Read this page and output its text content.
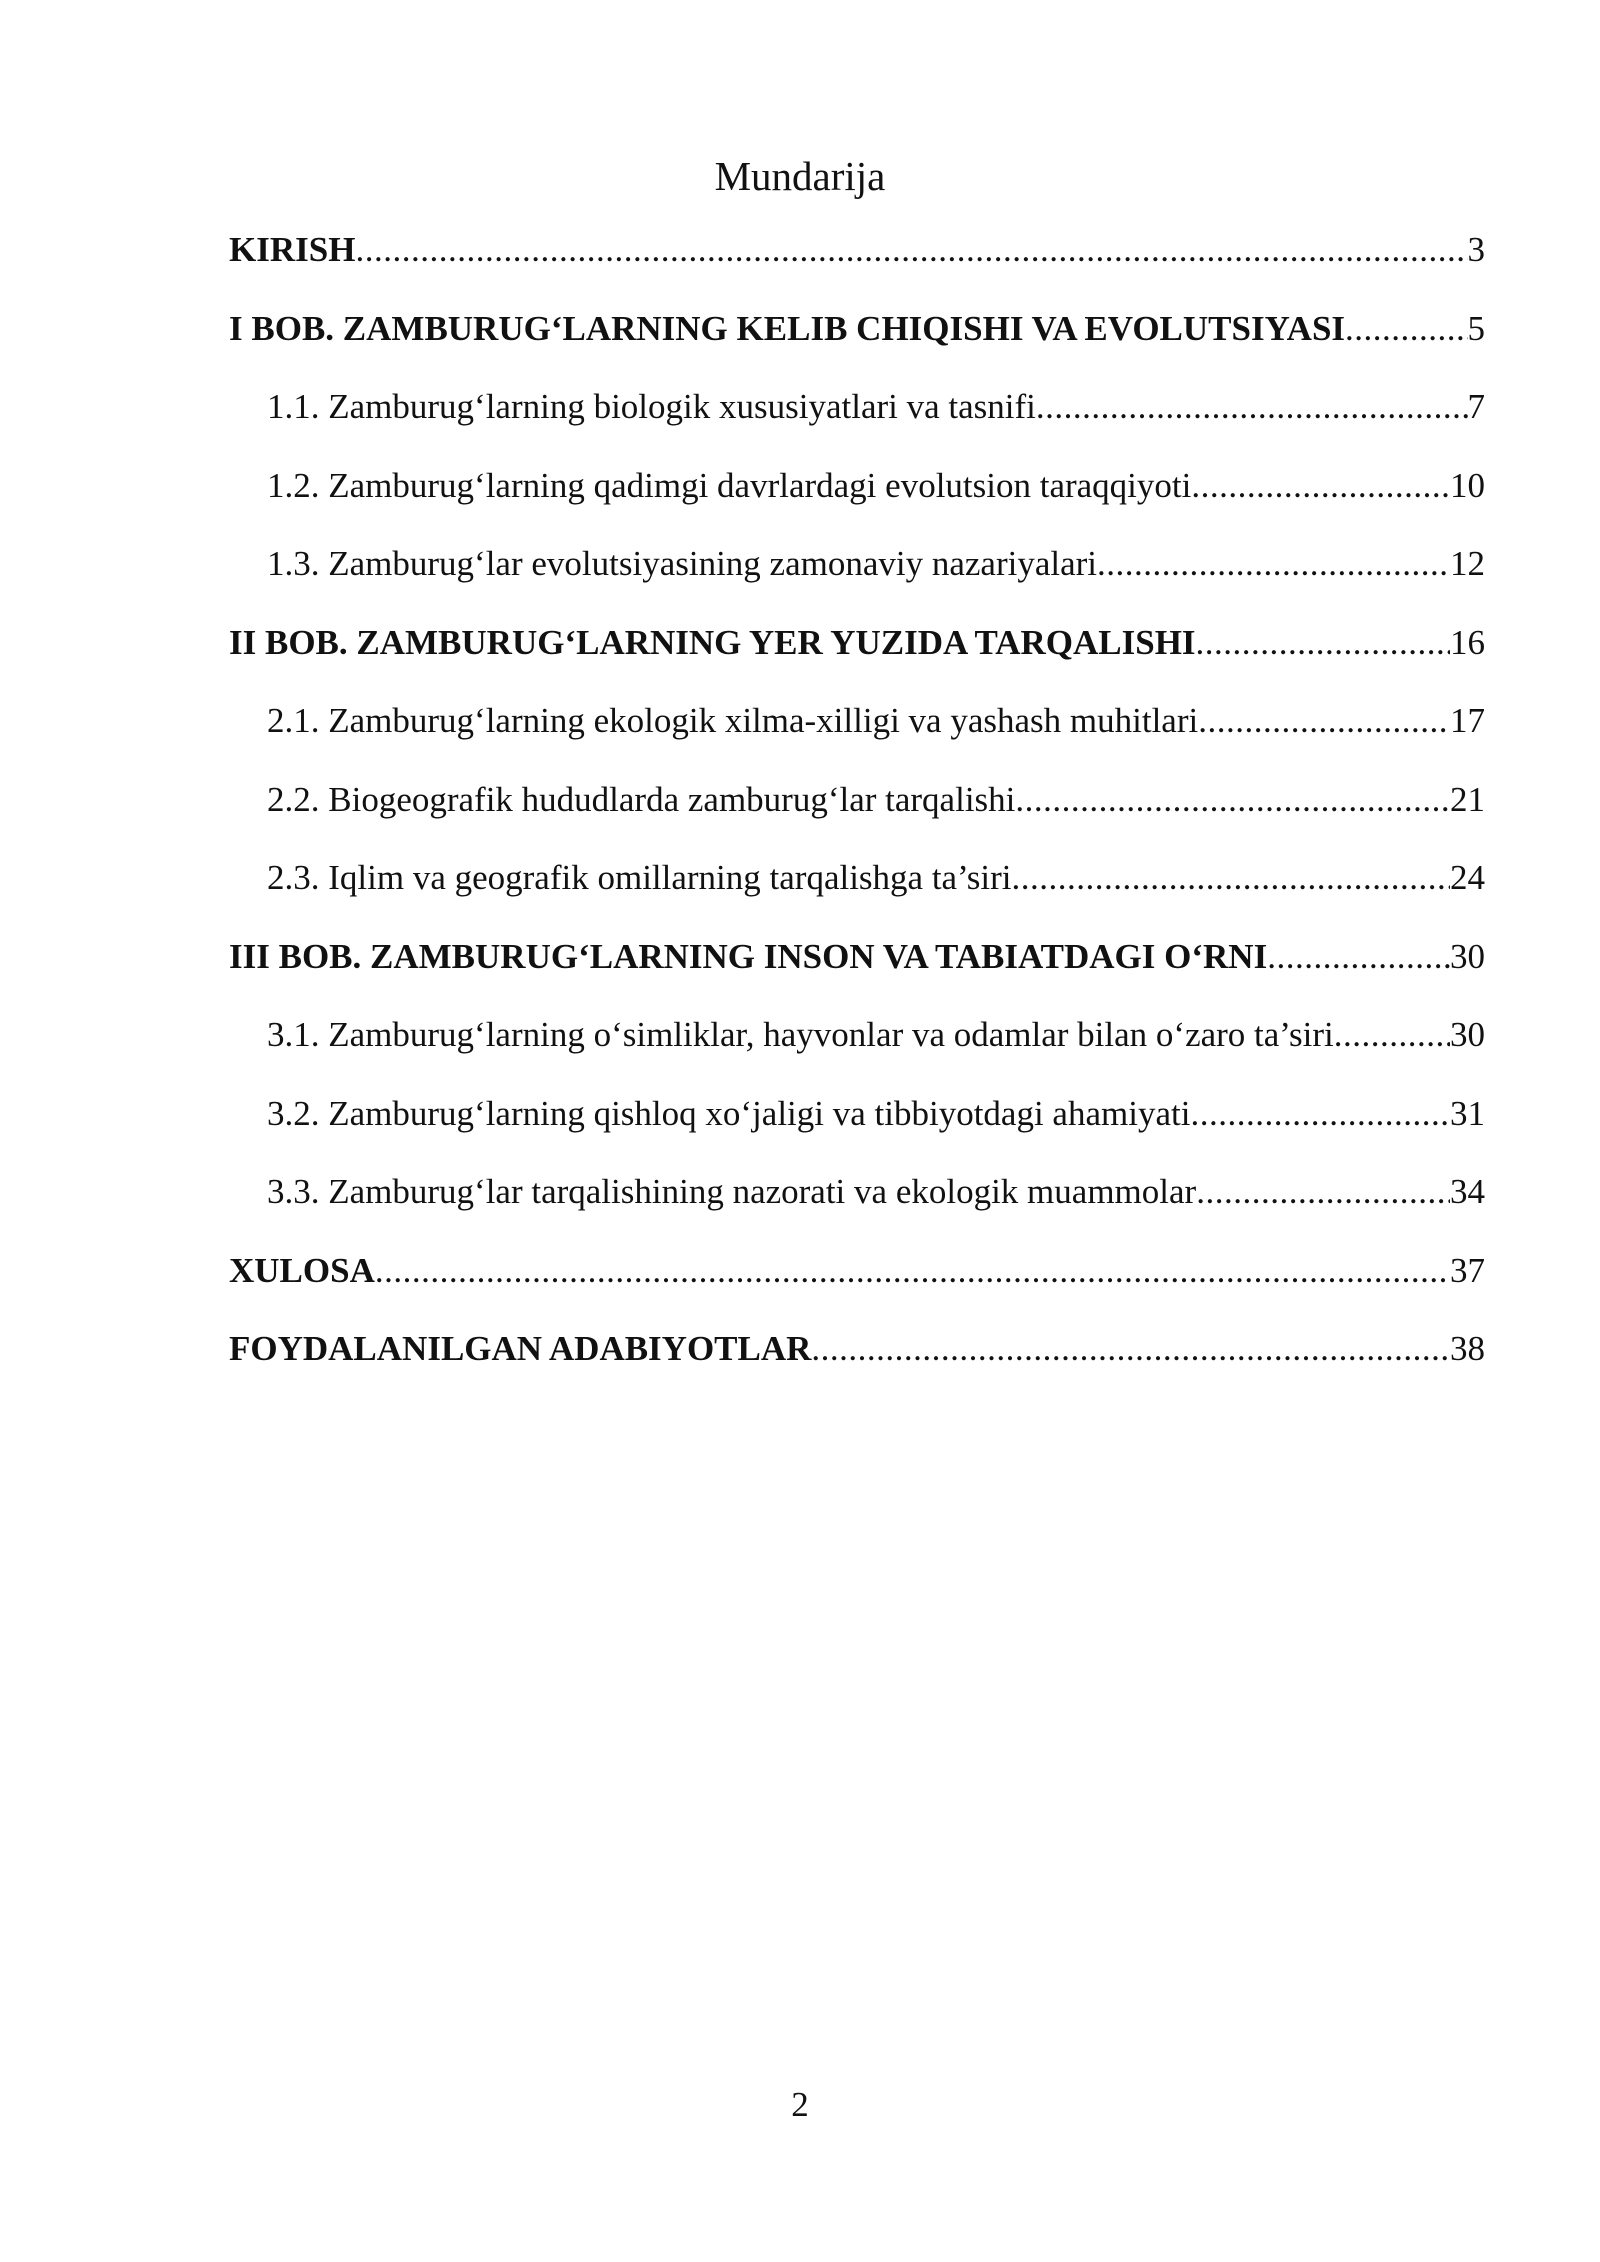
Mundarija
KIRISH .....	3
I BOB. ZAMBURUG‘LARNING KELIB CHIQISHI VA EVOLUTSIYASI .....	5
1.1. Zamburug‘larning biologik xususiyatlari va tasnifi .....	7
1.2. Zamburug‘larning qadimgi davrlardagi evolutsion taraqqiyoti .....	10
1.3. Zamburug‘lar evolutsiyasining zamonaviy nazariyalari .....	12
II BOB. ZAMBURUG‘LARNING YER YUZIDA TARQALISHI .....	16
2.1. Zamburug‘larning ekologik xilma-xilligi va yashash muhitlari .....	17
2.2. Biogeografik hududlarda zamburug‘lar tarqalishi .....	21
2.3. Iqlim va geografik omillarning tarqalishga ta’siri .....	24
III BOB. ZAMBURUG‘LARNING INSON VA TABIATDAGI O‘RNI .....	30
3.1. Zamburug‘larning o‘simliklar, hayvonlar va odamlar bilan o‘zaro ta’siri .....	30
3.2. Zamburug‘larning qishloq xo‘jaligi va tibbiyotdagi ahamiyati .....	31
3.3. Zamburug‘lar tarqalishining nazorati va ekologik muammolar .....	34
XULOSA .....	37
FOYDALANILGAN ADABIYOTLAR .....	38
2
